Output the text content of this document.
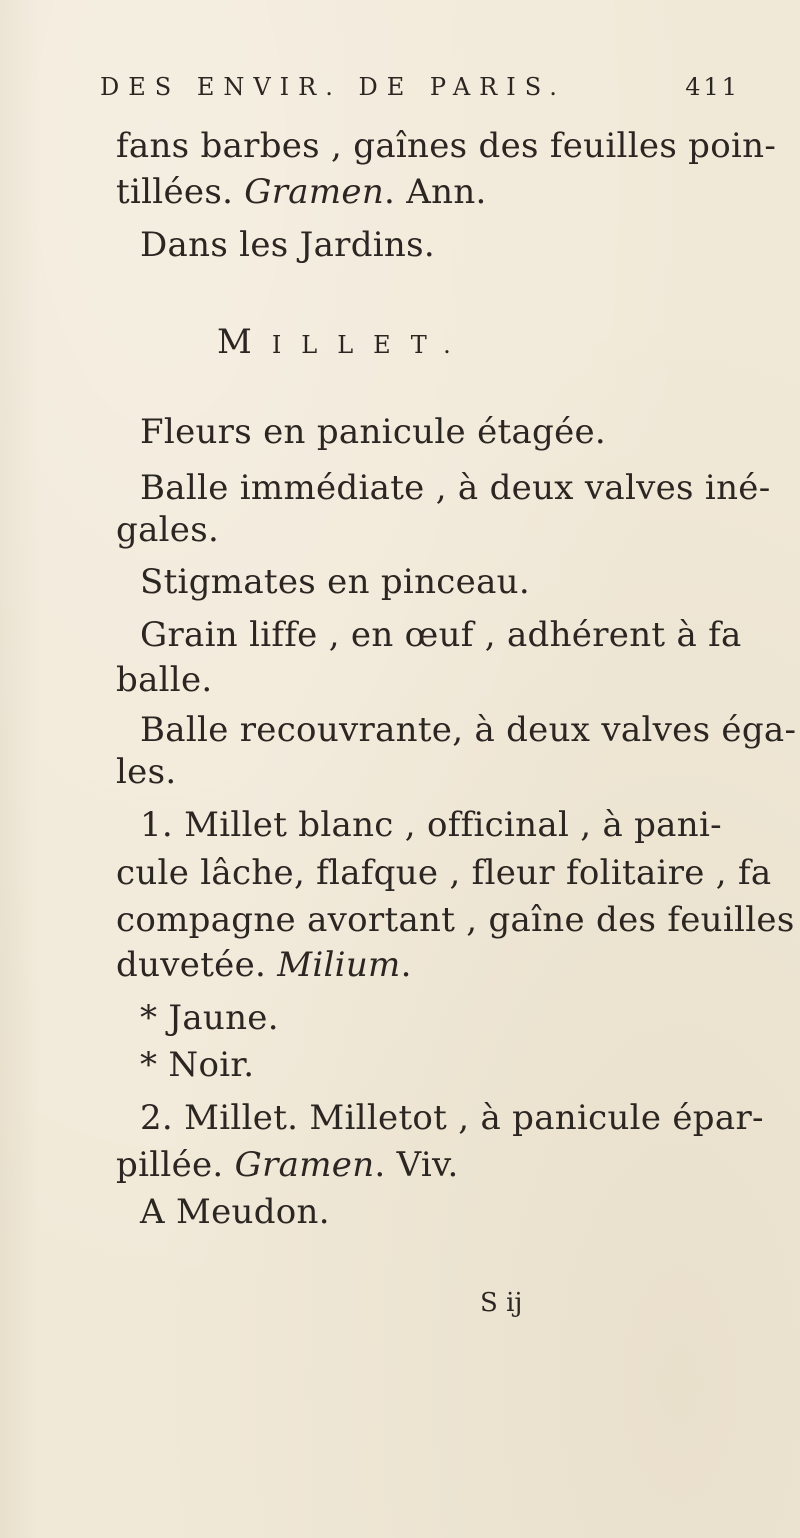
DES ENVIR. DE PARIS.	411
fans barbes , gaînes des feuilles poin-
tillées. Gramen. Ann.
Dans les Jardins.
MILLET.
Fleurs en panicule étagée.
Balle immédiate , à deux valves iné-
gales.
Stigmates en pinceau.
Grain liffe , en œuf , adhérent à fa
balle.
Balle recouvrante, à deux valves éga-
les.
1. Millet blanc , officinal , à pani-
cule lâche, flafque , fleur folitaire , fa
compagne avortant , gaîne des feuilles
duvetée. Milium.
* Jaune.
* Noir.
2. Millet. Milletot , à panicule épar-
pillée. Gramen. Viv.
A Meudon.
S ij
